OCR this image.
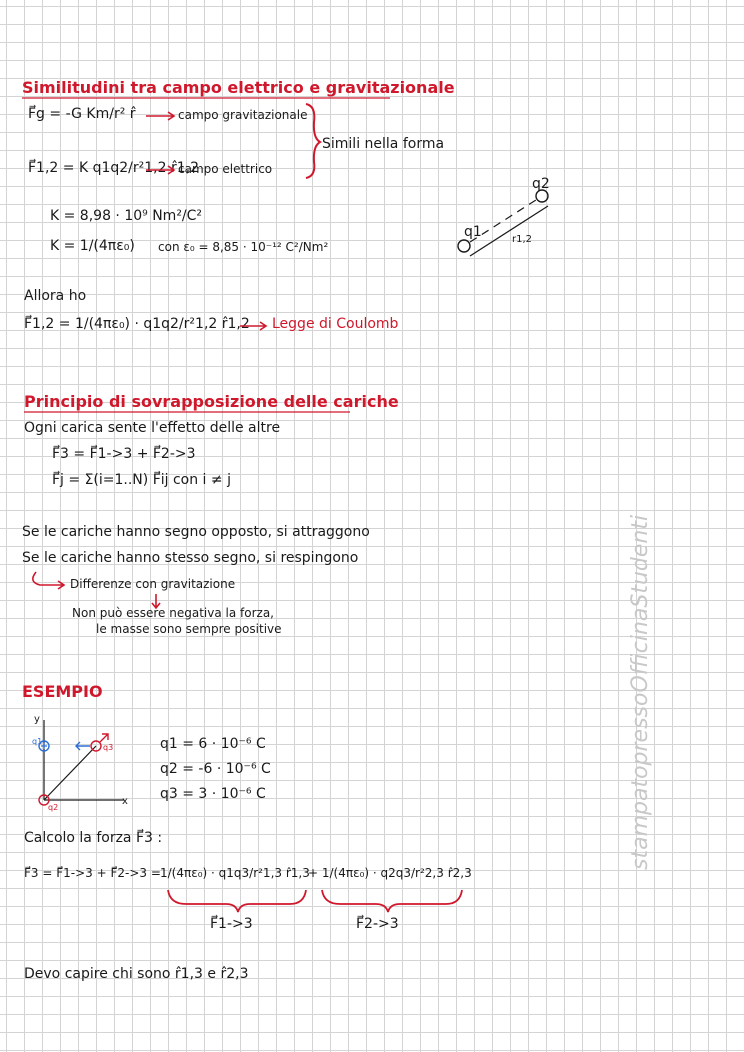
Similitudini tra campo elettrico e gravitazionale
F⃗g = -G Km/r² r̂	campo gravitazionale
F⃗1,2 = K q1q2/r²1,2 r̂1,2
campo elettrico
Simili nella forma
K = 8,98 · 10⁹ Nm²/C²
K = 1/(4πε₀) con ε₀ = 8,85 · 10⁻¹² C²/Nm²
q1
q2
r1,2
Allora ho
F⃗1,2 = 1/(4πε₀) · q1q2/r²1,2 r̂1,2 Legge di Coulomb
Principio di sovrapposizione delle cariche
Ogni carica sente l'effetto delle altre
F⃗3 = F⃗1->3 + F⃗2->3
F⃗j = Σ(i=1..N) F⃗ij con i ≠ j
Se le cariche hanno segno opposto, si attraggono
Se le cariche hanno stesso segno, si respingono
Differenze con gravitazione
Non può essere negativa la forza,
le masse sono sempre positive
ESEMPIO
y
x
q1 = 6 · 10⁻⁶ C
q2 = -6 · 10⁻⁶ C
q3 = 3 · 10⁻⁶ C
Calcolo la forza F⃗3 :
F⃗3 = F⃗1->3 + F⃗2->3 = 1/(4πε₀) · q1q3/r²1,3 r̂1,3
+ 1/(4πε₀) · q2q3/r²2,3 r̂2,3
F⃗1->3	F⃗2->3
Devo capire chi sono r̂1,3 e r̂2,3
stampatopressoOfficinaStudenti
q1
q2
q3
